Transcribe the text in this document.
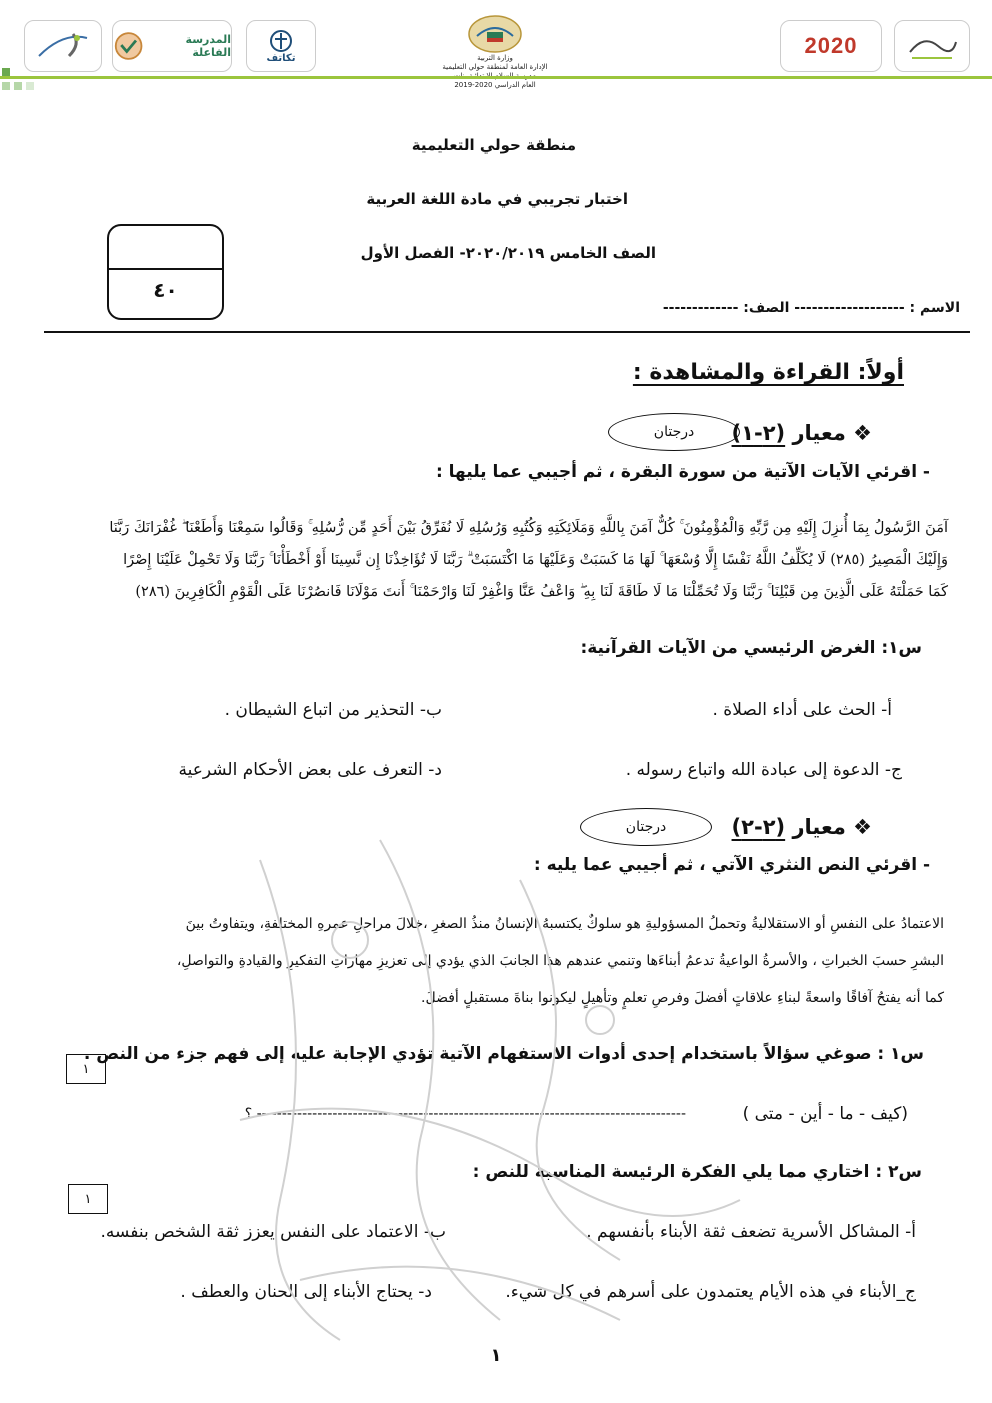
المدرسة الفاعلة	تكاتف	وزارة التربية
الإدارة العامة لمنطقة حولي التعليمية
العام الدراسي 2020-2019
2020
منطقة حولي التعليمية
اختبار تجريبي في مادة اللغة العربية
الصف الخامس ٢٠٢٠/٢٠١٩- الفصل الأول
٤٠
الاسم : ------------------- الصف: -------------
أولاً: القراءة والمشاهدة :
❖ معيار (٢-١)
درجتان
- اقرئي الآيات الآتية من سورة البقرة ، ثم أجيبي عما يليها :

آمَنَ الرَّسُولُ بِمَا أُنزِلَ إِلَيْهِ مِن رَّبِّهِ وَالْمُؤْمِنُونَ ۚ كُلٌّ آمَنَ بِاللَّهِ وَمَلَائِكَتِهِ وَكُتُبِهِ وَرُسُلِهِ لَا نُفَرِّقُ بَيْنَ أَحَدٍ مِّن رُّسُلِهِ ۚ وَقَالُوا سَمِعْنَا وَأَطَعْنَا ۖ غُفْرَانَكَ رَبَّنَا

وَإِلَيْكَ الْمَصِيرُ (٢٨٥) لَا يُكَلِّفُ اللَّهُ نَفْسًا إِلَّا وُسْعَهَا ۚ لَهَا مَا كَسَبَتْ وَعَلَيْهَا مَا اكْتَسَبَتْ ۗ رَبَّنَا لَا تُؤَاخِذْنَا إِن نَّسِينَا أَوْ أَخْطَأْنَا ۚ رَبَّنَا وَلَا تَحْمِلْ عَلَيْنَا إِصْرًا

كَمَا حَمَلْتَهُ عَلَى الَّذِينَ مِن قَبْلِنَا ۚ رَبَّنَا وَلَا تُحَمِّلْنَا مَا لَا طَاقَةَ لَنَا بِهِ ۖ وَاعْفُ عَنَّا وَاغْفِرْ لَنَا وَارْحَمْنَا ۚ أَنتَ مَوْلَانَا فَانصُرْنَا عَلَى الْقَوْمِ الْكَافِرِينَ (٢٨٦)

س١: الغرض الرئيسي من الآيات القرآنية:
أ- الحث على أداء الصلاة .
ب- التحذير من اتباع الشيطان .
ج- الدعوة إلى عبادة الله واتباع رسوله .
د- التعرف على بعض الأحكام الشرعية
❖ معيار (٢-٢)
درجتان
- اقرئي النص النثري الآتي ، ثم أجيبي عما يليه :

الاعتمادُ على النفسِ أو الاستقلاليةُ وتحملُ المسؤوليةِ هو سلوكٌ يكتسبهُ الإنسانُ منذُ الصغرِ ،خلالَ مراحلِ عمرهِ المختلفةِ، ويتفاوتُ بينَ

البشرِ حسبَ الخبراتِ ، والأسرةُ الواعيةُ تدعمُ أبناءَها وتنمي عندهم هذا الجانبَ الذي يؤدي إلى تعزيزِ مهاراتِ التفكيرِ والقيادةِ والتواصلِ،

كما أنه يفتحُ آفاقًا واسعةً لبناءِ علاقاتٍ أفضلَ وفرصِ تعلمٍ وتأهيلٍ ليكونوا بناةَ مستقبلٍ أفضلَ.

س١ : صوغي سؤالاً باستخدام إحدى أدوات الاستفهام الآتية تؤدي الإجابة عليه إلى فهم جزء من النص .
١
(كيف - ما - أين - متى )
------------------------------------------------------------------------------------- ؟
س٢ : اختاري مما يلي الفكرة الرئيسة المناسبة للنص :
١
أ- المشاكل الأسرية تضعف ثقة الأبناء بأنفسهم .
ب- الاعتماد على النفس يعزز ثقة الشخص بنفسه.
ج_الأبناء في هذه الأيام يعتمدون على أسرهم في كل شيء.
د- يحتاج الأبناء إلى الحنان والعطف .
١
